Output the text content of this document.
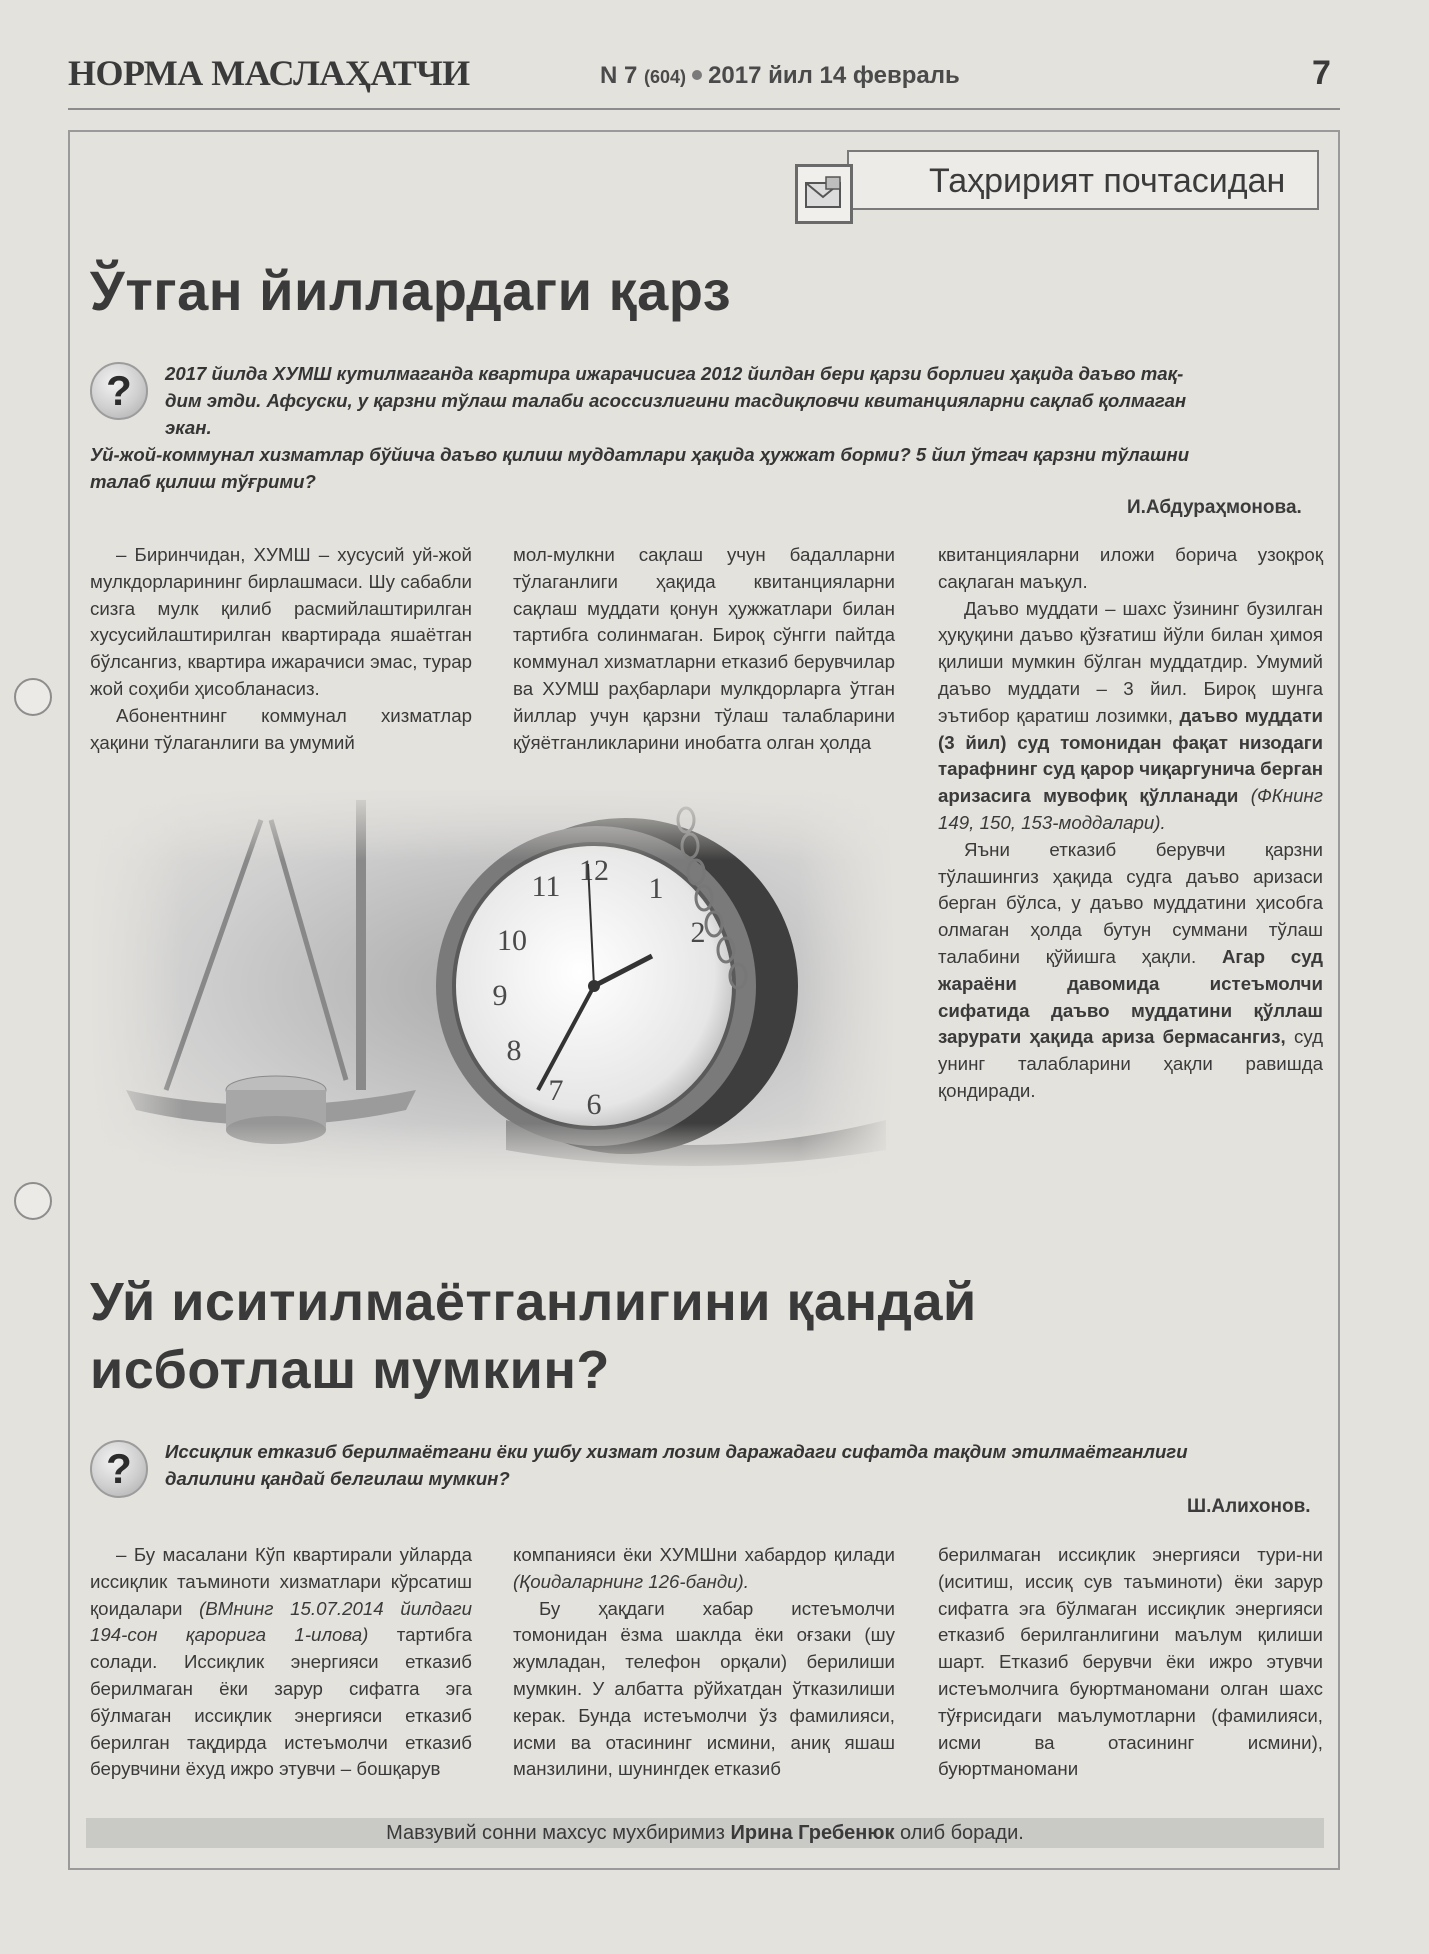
НОРМА МАСЛАҲАТЧИ	N 7 (604) 2017 йил 14 февраль	7
Таҳририят почтасидан
Ўтган йиллардаги қарз
?	2017 йилда ХУМШ кутилмаганда квартира ижарачисига 2012 йилдан бери қарзи борлиги ҳақида даъво тақ-
дим этди. Афсуски, у қарзни тўлаш талаби асоссизлигини тасдиқловчи квитанцияларни сақлаб қолмаган
экан.
Уй-жой-коммунал хизматлар бўйича даъво қилиш муддатлари ҳақида ҳужжат борми? 5 йил ўтгач қарзни тўлашни
талаб қилиш тўғрими?
И.Абдураҳмонова.

– Биринчидан, ХУМШ – хусусий уй-жой мулкдорларининг бирлашмаси. Шу сабабли сизга мулк қилиб расмийлаштирилган хусусийлаштирилган квартирада яшаётган бўлсангиз, квартира ижарачиси эмас, турар жой соҳиби ҳисобланасиз.

Абонентнинг коммунал хизматлар ҳақини тўлаганлиги ва умумий

мол-мулкни сақлаш учун бадалларни тўлаганлиги ҳақида квитанцияларни сақлаш муддати қонун ҳужжатлари билан тартибга солинмаган. Бироқ сўнгги пайтда коммунал хизматларни етказиб берувчилар ва ХУМШ раҳбарлари мулкдорларга ўтган йиллар учун қарзни тўлаш талабларини қўяётганликларини инобатга олган ҳолда

квитанцияларни иложи борича узоқроқ сақлаган маъқул.

Даъво муддати – шахс ўзининг бузилган ҳуқуқини даъво қўзғатиш йўли билан ҳимоя қилиши мумкин бўлган муддатдир. Умумий даъво муддати – 3 йил. Бироқ шунга эътибор қаратиш лозимки, даъво муддати (3 йил) суд томонидан фақат низодаги тарафнинг суд қарор чиқаргунича берган аризасига мувофиқ қўлланади (ФКнинг 149, 150, 153-моддалари).

Яъни етказиб берувчи қарзни тўлашингиз ҳақида судга даъво аризаси берган бўлса, у даъво муддатини ҳисобга олмаган ҳолда бутун суммани тўлаш талабини қўйишга ҳақли. Агар суд жараёни давомида истеъмолчи сифатида даъво муддатини қўллаш зарурати ҳақида ариза бермасангиз, суд унинг талабларини ҳақли равишда қондиради.

Уй иситилмаётганлигини қандай
исботлаш мумкин?
?	Иссиқлик етказиб берилмаётгани ёки ушбу хизмат лозим даражадаги сифатда тақдим этилмаётганлиги
далилини қандай белгилаш мумкин?
Ш.Алихонов.

– Бу масалани Кўп квартирали уйларда иссиқлик таъминоти хизматлари кўрсатиш қоидалари (ВМнинг 15.07.2014 йилдаги 194-сон қарорига 1-илова) тартибга солади. Иссиқлик энергияси етказиб берилмаган ёки зарур сифатга эга бўлмаган иссиқлик энергияси етказиб берилган тақдирда истеъмолчи етказиб берувчини ёхуд ижро этувчи – бошқарув

компанияси ёки ХУМШни хабардор қилади (Қоидаларнинг 126-банди).

Бу ҳақдаги хабар истеъмолчи томонидан ёзма шаклда ёки оғзаки (шу жумладан, телефон орқали) берилиши мумкин. У албатта рўйхатдан ўтказилиши керак. Бунда истеъмолчи ўз фамилияси, исми ва отасининг исмини, аниқ яшаш манзилини, шунингдек етказиб

берилмаган иссиқлик энергияси тури-ни (иситиш, иссиқ сув таъминоти) ёки зарур сифатга эга бўлмаган иссиқлик энергияси етказиб берилганлигини маълум қилиши шарт. Етказиб берувчи ёки ижро этувчи истеъмолчига буюртманомани олган шахс тўғрисидаги маълумотларни (фамилияси, исми ва отасининг исмини), буюртманомани

Мавзувий сонни махсус мухбиримиз Ирина Гребенюк олиб боради.
